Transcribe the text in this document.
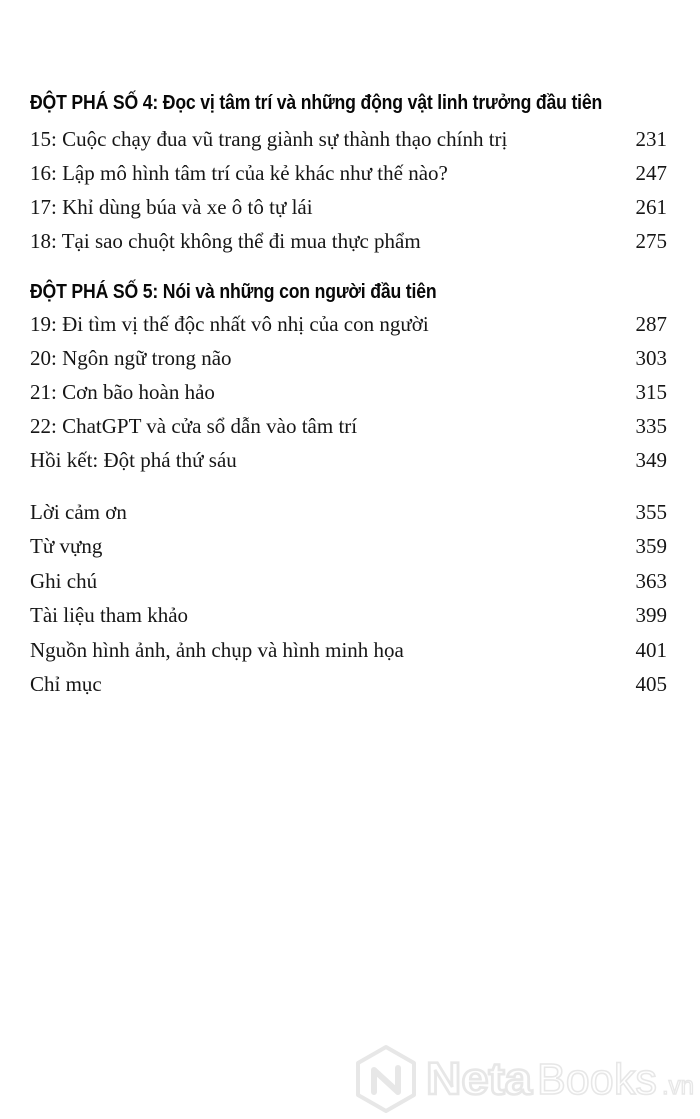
ĐỘT PHÁ SỐ 4: Đọc vị tâm trí và những động vật linh trưởng đầu tiên
15: Cuộc chạy đua vũ trang giành sự thành thạo chính trị	231
16: Lập mô hình tâm trí của kẻ khác như thế nào?	247
17: Khỉ dùng búa và xe ô tô tự lái	261
18: Tại sao chuột không thể đi mua thực phẩm	275
ĐỘT PHÁ SỐ 5: Nói và những con người đầu tiên
19: Đi tìm vị thế độc nhất vô nhị của con người	287
20: Ngôn ngữ trong não	303
21: Cơn bão hoàn hảo	315
22: ChatGPT và cửa sổ dẫn vào tâm trí	335
Hồi kết: Đột phá thứ sáu	349
Lời cảm ơn	355
Từ vựng	359
Ghi chú	363
Tài liệu tham khảo	399
Nguồn hình ảnh, ảnh chụp và hình minh họa	401
Chỉ mục	405
Neta Books .vn
